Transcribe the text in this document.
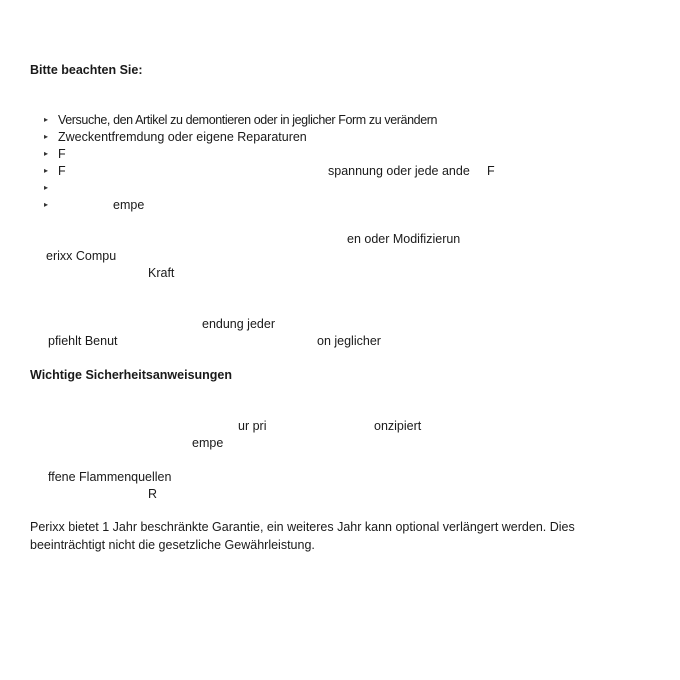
Bitte beachten Sie:
▸ Versuche, den Artikel zu demontieren oder in jeglicher Form zu verändern
▸ Zweckentfremdung oder eigene Reparaturen
▸ F
▸ F	spannung oder jede ande F
▸
▸	empe
en oder Modifizierun
erixx Compu
Kraft
endung jeder
pfiehlt Benut	on jeglicher
Wichtige Sicherheitsanweisungen
ur pri	onzipiert
empe
ffene Flammenquellen
R
Perixx bietet 1 Jahr beschränkte Garantie, ein weiteres Jahr kann optional verlängert werden. Dies beeinträchtigt nicht die gesetzliche Gewährleistung.
